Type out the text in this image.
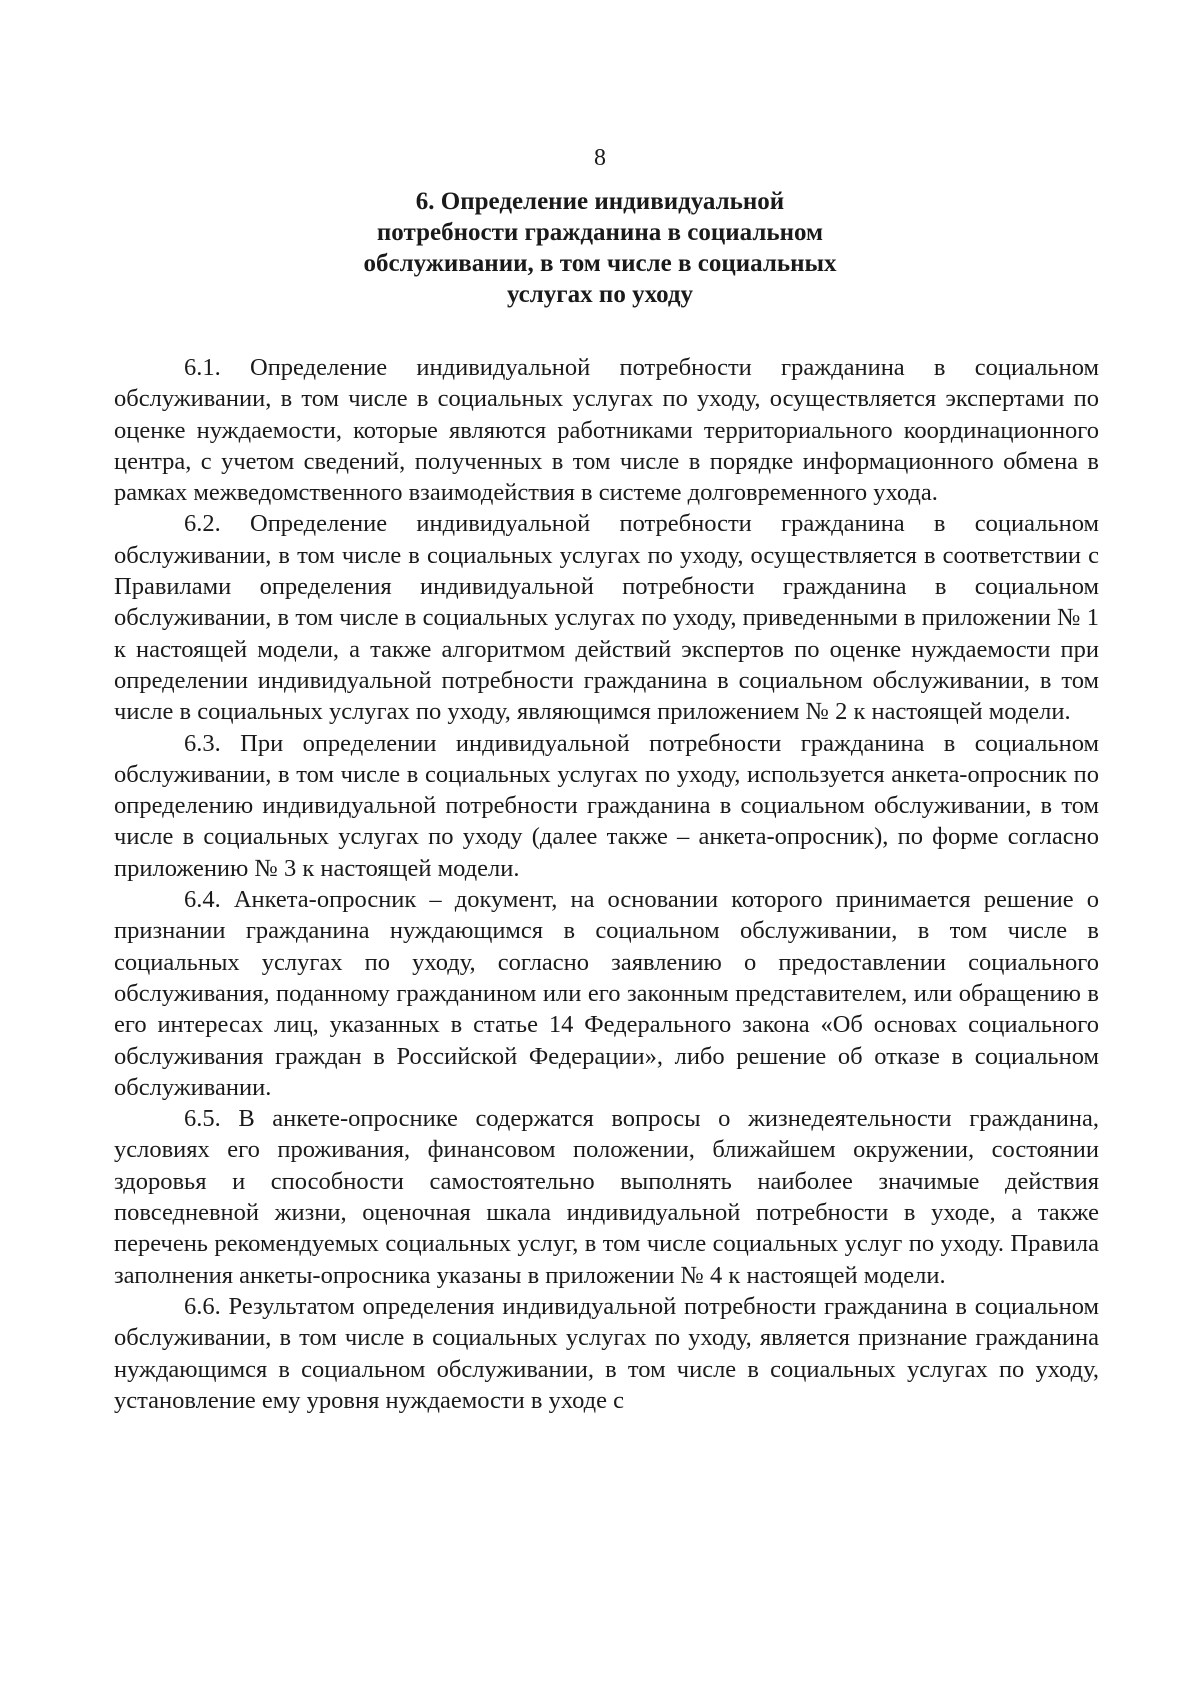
8
6. Определение индивидуальной
потребности гражданина в социальном
обслуживании, в том числе в социальных
услугах по уходу

6.1. Определение индивидуальной потребности гражданина в социальном обслуживании, в том числе в социальных услугах по уходу, осуществляется экспертами по оценке нуждаемости, которые являются работниками территориального координационного центра, с учетом сведений, полученных в том числе в порядке информационного обмена в рамках межведомственного взаимодействия в системе долговременного ухода.

6.2. Определение индивидуальной потребности гражданина в социальном обслуживании, в том числе в социальных услугах по уходу, осуществляется в соответствии с Правилами определения индивидуальной потребности гражданина в социальном обслуживании, в том числе в социальных услугах по уходу, приведенными в приложении № 1 к настоящей модели, а также алгоритмом действий экспертов по оценке нуждаемости при определении индивидуальной потребности гражданина в социальном обслуживании, в том числе в социальных услугах по уходу, являющимся приложением № 2 к настоящей модели.

6.3. При определении индивидуальной потребности гражданина в социальном обслуживании, в том числе в социальных услугах по уходу, используется анкета-опросник по определению индивидуальной потребности гражданина в социальном обслуживании, в том числе в социальных услугах по уходу (далее также – анкета-опросник), по форме согласно приложению № 3 к настоящей модели.

6.4. Анкета-опросник – документ, на основании которого принимается решение о признании гражданина нуждающимся в социальном обслуживании, в том числе в социальных услугах по уходу, согласно заявлению о предоставлении социального обслуживания, поданному гражданином или его законным представителем, или обращению в его интересах лиц, указанных в статье 14 Федерального закона «Об основах социального обслуживания граждан в Российской Федерации», либо решение об отказе в социальном обслуживании.

6.5. В анкете-опроснике содержатся вопросы о жизнедеятельности гражданина, условиях его проживания, финансовом положении, ближайшем окружении, состоянии здоровья и способности самостоятельно выполнять наиболее значимые действия повседневной жизни, оценочная шкала индивидуальной потребности в уходе, а также перечень рекомендуемых социальных услуг, в том числе социальных услуг по уходу. Правила заполнения анкеты-опросника указаны в приложении № 4 к настоящей модели.

6.6. Результатом определения индивидуальной потребности гражданина в социальном обслуживании, в том числе в социальных услугах по уходу, является признание гражданина нуждающимся в социальном обслуживании, в том числе в социальных услугах по уходу, установление ему уровня нуждаемости в уходе с
